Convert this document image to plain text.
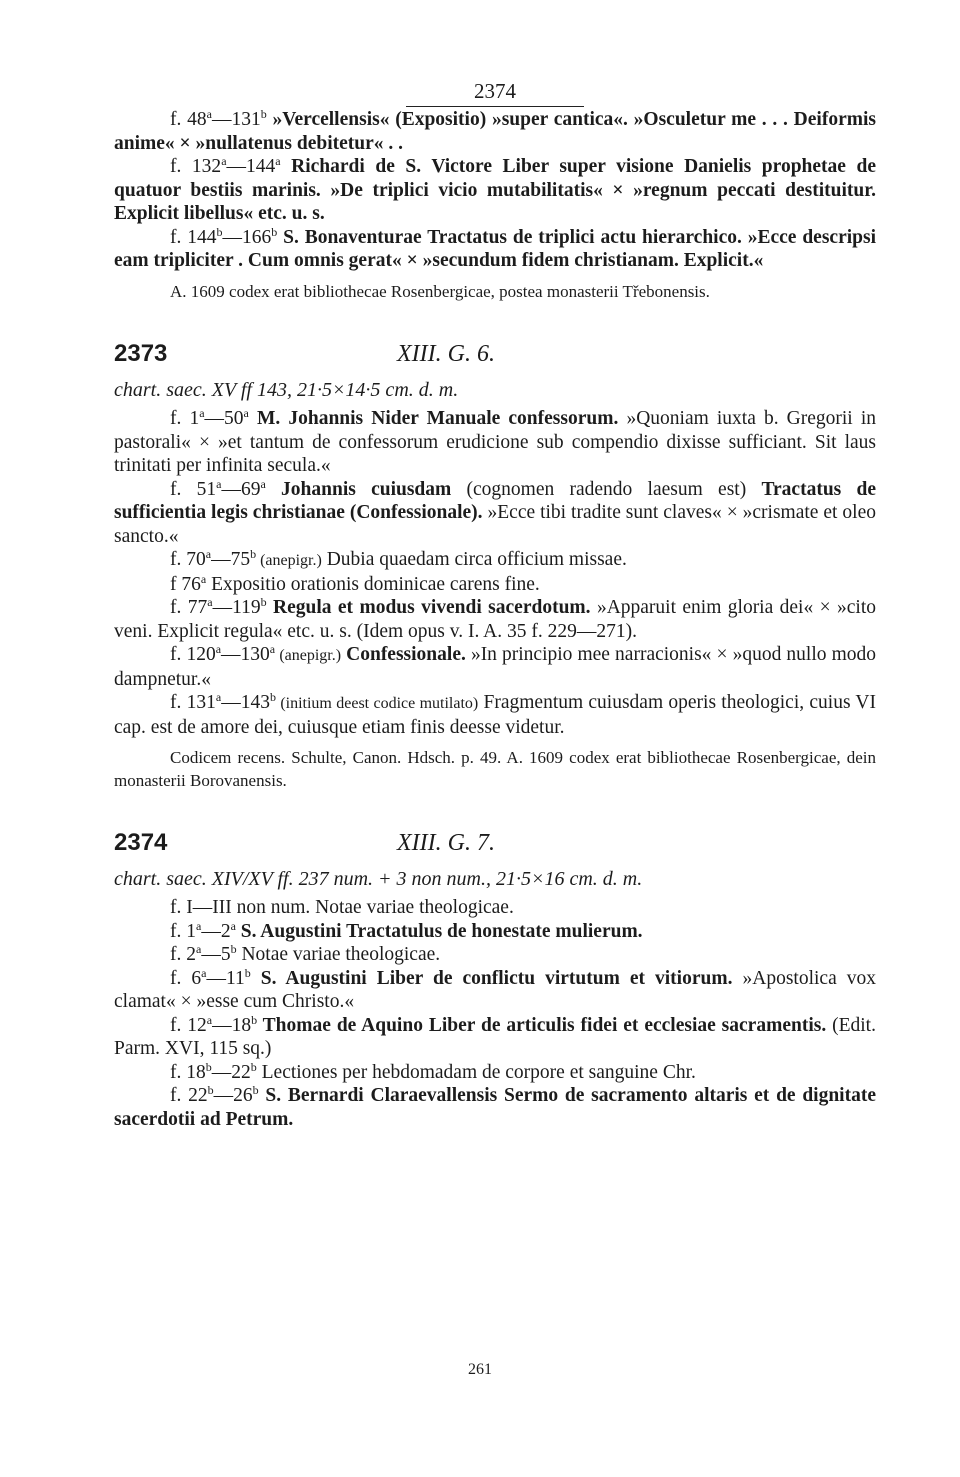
2374

f. 48$^a$—131$^b$ »Vercellensis« (Expositio) »super cantica«. »Osculetur me . . . Deiformis anime« × »nullatenus debitetur« . .

f. 132$^a$—144$^a$ Richardi de S. Victore Liber super visione Danielis prophetae de quatuor bestiis marinis. »De triplici vicio mutabilitatis« × »regnum peccati destituitur. Explicit libellus« etc. u. s.

f. 144$^b$—166$^b$ S. Bonaventurae Tractatus de triplici actu hierarchico. »Ecce descripsi eam tripliciter . Cum omnis gerat« × »secundum fidem christianam. Explicit.«

A. 1609 codex erat bibliothecae Rosenbergicae, postea monasterii Třebonensis.

2373	XIII. G. 6.
chart. saec. XV ff 143, 21·5×14·5 cm. d. m.

f. 1$^a$—50$^a$ M. Johannis Nider Manuale confessorum. »Quoniam iuxta b. Gregorii in pastorali« × »et tantum de confessorum erudicione sub compendio dixisse sufficiant. Sit laus trinitati per infinita secula.«

f. 51$^a$—69$^a$ Johannis cuiusdam (cognomen radendo laesum est) Tractatus de sufficientia legis christianae (Confessionale). »Ecce tibi tradite sunt claves« × »crismate et oleo sancto.«

f. 70$^a$—75$^b$ (anepigr.) Dubia quaedam circa officium missae.

f 76$^a$ Expositio orationis dominicae carens fine.

f. 77$^a$—119$^b$ Regula et modus vivendi sacerdotum. »Apparuit enim gloria dei« × »cito veni. Explicit regula« etc. u. s. (Idem opus v. I. A. 35 f. 229—271).

f. 120$^a$—130$^a$ (anepigr.) Confessionale. »In principio mee narracionis« × »quod nullo modo dampnetur.«

f. 131$^a$—143$^b$ (initium deest codice mutilato) Fragmentum cuiusdam operis theologici, cuius VI cap. est de amore dei, cuiusque etiam finis deesse videtur.

Codicem recens. Schulte, Canon. Hdsch. p. 49. A. 1609 codex erat bibliothecae Rosenbergicae, dein monasterii Borovanensis.

2374	XIII. G. 7.
chart. saec. XIV/XV ff. 237 num. + 3 non num., 21·5×16 cm. d. m.

f. I—III non num. Notae variae theologicae.

f. 1$^a$—2$^a$ S. Augustini Tractatulus de honestate mulierum.

f. 2$^a$—5$^b$ Notae variae theologicae.

f. 6$^a$—11$^b$ S. Augustini Liber de conflictu virtutum et vitiorum. »Apostolica vox clamat« × »esse cum Christo.«

f. 12$^a$—18$^b$ Thomae de Aquino Liber de articulis fidei et ecclesiae sacramentis. (Edit. Parm. XVI, 115 sq.)

f. 18$^b$—22$^b$ Lectiones per hebdomadam de corpore et sanguine Chr.

f. 22$^b$—26$^b$ S. Bernardi Claraevallensis Sermo de sacramento altaris et de dignitate sacerdotii ad Petrum.

261
